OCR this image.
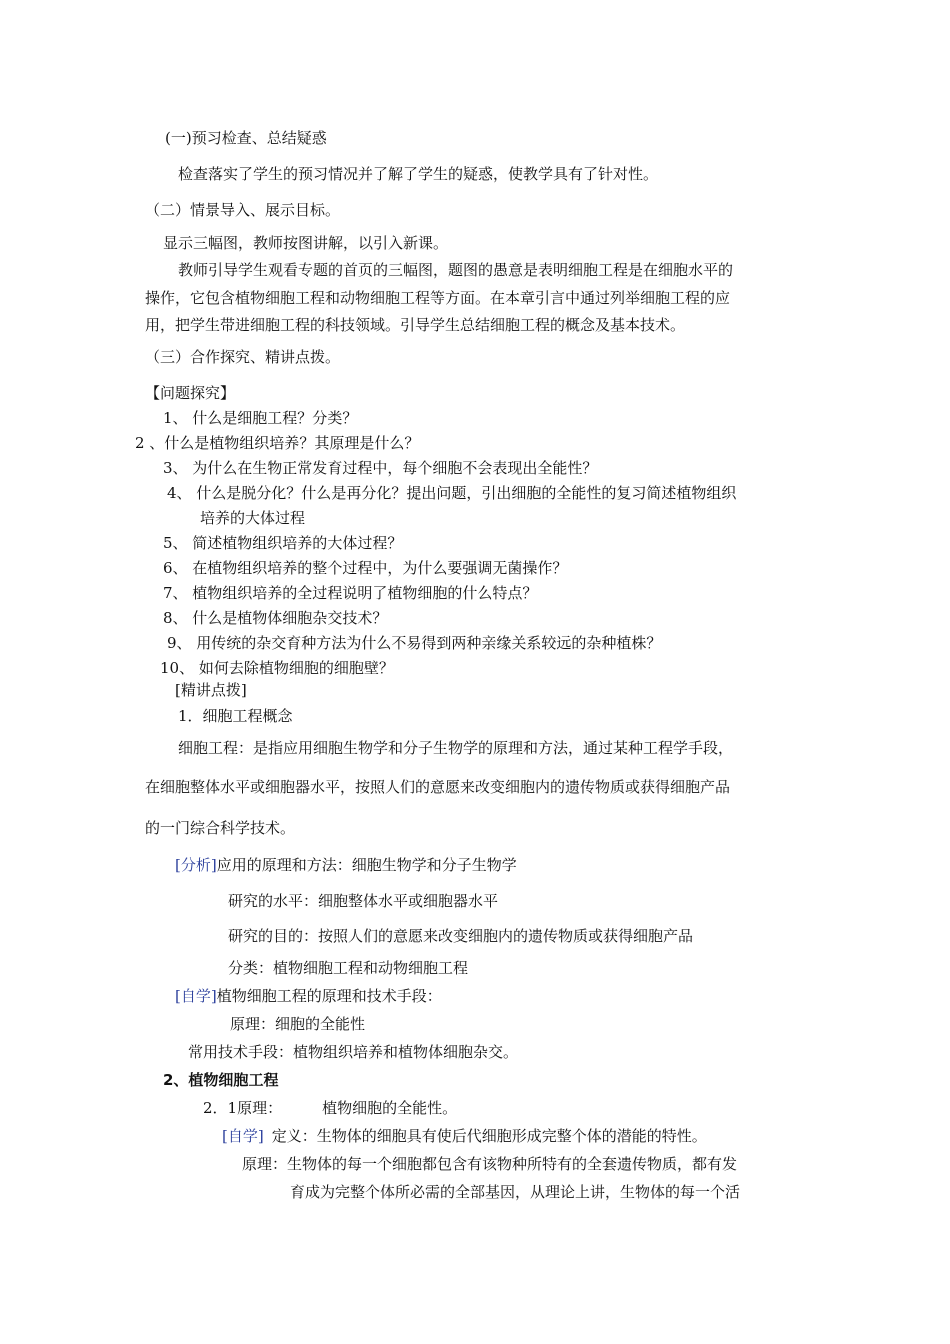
(一)预习检查、总结疑惑
检查落实了学生的预习情况并了解了学生的疑惑，使教学具有了针对性。
（二）情景导入、展示目标。
显示三幅图，教师按图讲解，以引入新课。
教师引导学生观看专题的首页的三幅图，题图的愚意是表明细胞工程是在细胞水平的
操作，它包含植物细胞工程和动物细胞工程等方面。在本章引言中通过列举细胞工程的应
用，把学生带进细胞工程的科技领域。引导学生总结细胞工程的概念及基本技术。
（三）合作探究、精讲点拨。
【问题探究】
1、 什么是细胞工程？分类？
2 、什么是植物组织培养？其原理是什么？
3、 为什么在生物正常发育过程中，每个细胞不会表现出全能性？
4、 什么是脱分化？什么是再分化？提出问题，引出细胞的全能性的复习简述植物组织
培养的大体过程
5、 简述植物组织培养的大体过程？
6、 在植物组织培养的整个过程中，为什么要强调无菌操作？
7、 植物组织培养的全过程说明了植物细胞的什么特点？
8、 什么是植物体细胞杂交技术？
9、 用传统的杂交育种方法为什么不易得到两种亲缘关系较远的杂种植株？
10、 如何去除植物细胞的细胞壁？
[精讲点拨]
1．细胞工程概念
细胞工程：是指应用细胞生物学和分子生物学的原理和方法，通过某种工程学手段，
在细胞整体水平或细胞器水平，按照人们的意愿来改变细胞内的遗传物质或获得细胞产品
的一门综合科学技术。
[分析]应用的原理和方法：细胞生物学和分子生物学
研究的水平：细胞整体水平或细胞器水平
研究的目的：按照人们的意愿来改变细胞内的遗传物质或获得细胞产品
分类：植物细胞工程和动物细胞工程
[自学]植物细胞工程的原理和技术手段：
原理：细胞的全能性
常用技术手段：植物组织培养和植物体细胞杂交。
2、植物细胞工程
2．1原理：	植物细胞的全能性。
[自学] 定义：生物体的细胞具有使后代细胞形成完整个体的潜能的特性。
原理：生物体的每一个细胞都包含有该物种所特有的全套遗传物质，都有发
育成为完整个体所必需的全部基因，从理论上讲，生物体的每一个活
